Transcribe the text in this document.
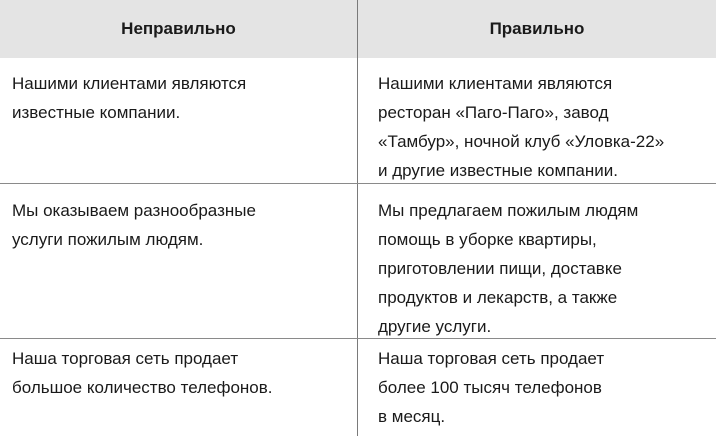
Неправильно	Правильно
Нашими клиентами являются
известные компании.
Нашими клиентами являются
ресторан «Паго-Паго», завод
«Тамбур», ночной клуб «Уловка-22»
и другие известные компании.
Мы оказываем разнообразные
услуги пожилым людям.
Мы предлагаем пожилым людям
помощь в уборке квартиры,
приготовлении пищи, доставке
продуктов и лекарств, а также
другие услуги.
Наша торговая сеть продает
большое количество телефонов.
Наша торговая сеть продает
более 100 тысяч телефонов
в месяц.
